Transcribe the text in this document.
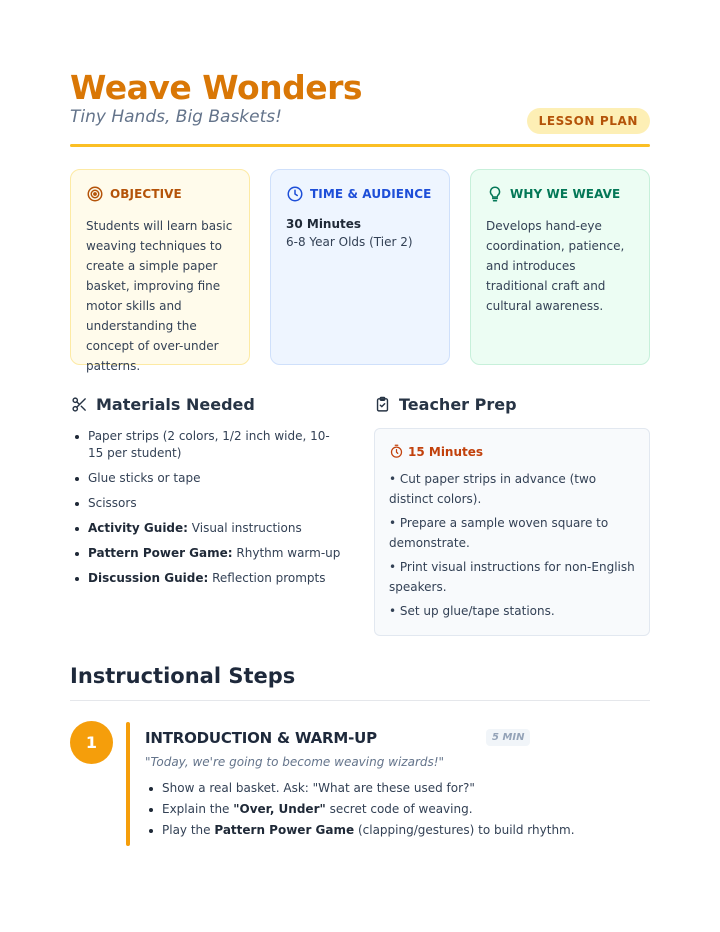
Weave Wonders
Tiny Hands, Big Baskets!	LESSON PLAN
OBJECTIVE
Students will learn basic weaving techniques to create a simple paper basket, improving fine motor skills and understanding the concept of over-under patterns.
TIME & AUDIENCE
30 Minutes
6-8 Year Olds (Tier 2)
WHY WE WEAVE
Develops hand-eye coordination, patience, and introduces traditional craft and cultural awareness.
Materials Needed
Paper strips (2 colors, 1/2 inch wide, 10-15 per student)
Glue sticks or tape
Scissors
Activity Guide: Visual instructions
Pattern Power Game: Rhythm warm-up
Discussion Guide: Reflection prompts
Teacher Prep
15 Minutes
• Cut paper strips in advance (two distinct colors).
• Prepare a sample woven square to demonstrate.
• Print visual instructions for non-English speakers.
• Set up glue/tape stations.
Instructional Steps
1	INTRODUCTION & WARM-UP	5 MIN
"Today, we're going to become weaving wizards!"
Show a real basket. Ask: "What are these used for?"
Explain the "Over, Under" secret code of weaving.
Play the Pattern Power Game (clapping/gestures) to build rhythm.
